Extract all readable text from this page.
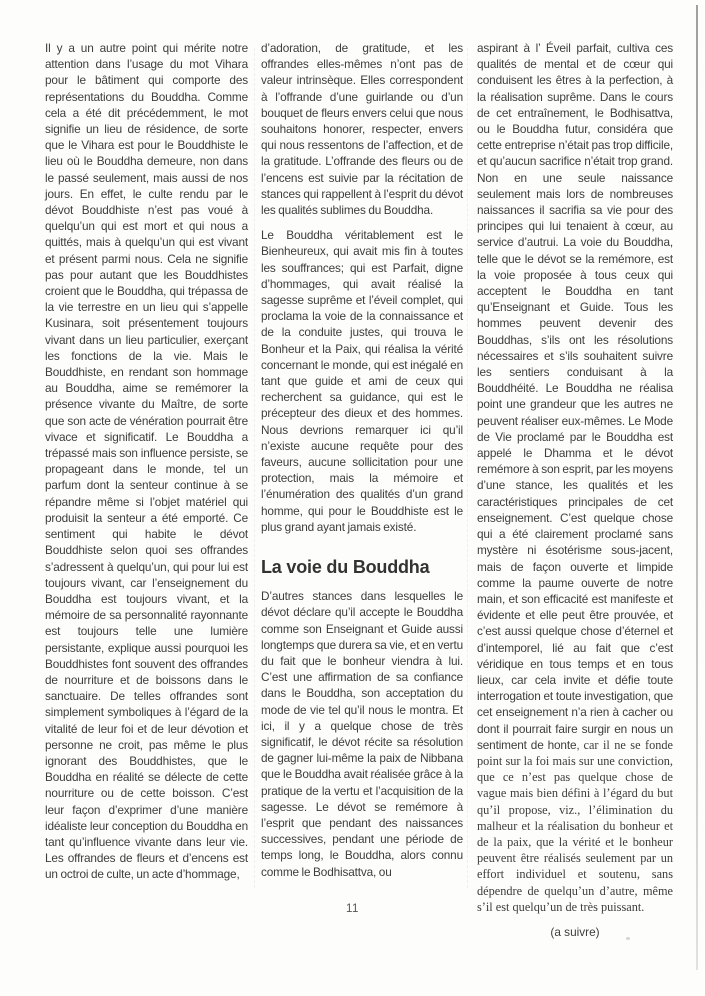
Il y a un autre point qui mérite notre attention dans l’usage du mot Vihara pour le bâtiment qui comporte des représentations du Bouddha. Comme cela a été dit précédemment, le mot signifie un lieu de résidence, de sorte que le Vihara est pour le Bouddhiste le lieu où le Bouddha demeure, non dans le passé seulement, mais aussi de nos jours. En effet, le culte rendu par le dévot Bouddhiste n’est pas voué à quelqu’un qui est mort et qui nous a quittés, mais à quelqu’un qui est vivant et présent parmi nous. Cela ne signifie pas pour autant que les Bouddhistes croient que le Bouddha, qui trépassa de la vie terrestre en un lieu qui s’appelle Kusinara, soit présentement toujours vivant dans un lieu particulier, exerçant les fonctions de la vie. Mais le Bouddhiste, en rendant son hommage au Bouddha, aime se remémorer la présence vivante du Maître, de sorte que son acte de vénération pourrait être vivace et significatif. Le Bouddha a trépassé mais son influence persiste, se propageant dans le monde, tel un parfum dont la senteur continue à se répandre même si l’objet matériel qui produisit la senteur a été emporté. Ce sentiment qui habite le dévot Bouddhiste selon quoi ses offrandes s’adressent à quelqu’un, qui pour lui est toujours vivant, car l’enseignement du Bouddha est toujours vivant, et la mémoire de sa personnalité rayonnante est toujours telle une lumière persistante, explique aussi pourquoi les Bouddhistes font souvent des offrandes de nourriture et de boissons dans le sanctuaire. De telles offrandes sont simplement symboliques à l’égard de la vitalité de leur foi et de leur dévotion et personne ne croit, pas même le plus ignorant des Bouddhistes, que le Bouddha en réalité se délecte de cette nourriture ou de cette boisson. C’est leur façon d’exprimer d’une manière idéaliste leur conception du Bouddha en tant qu’influence vivante dans leur vie. Les offrandes de fleurs et d’encens est un octroi de culte, un acte d’hommage,

d’adoration, de gratitude, et les offrandes elles-mêmes n’ont pas de valeur intrinsèque. Elles correspondent à l’offrande d’une guirlande ou d’un bouquet de fleurs envers celui que nous souhaitons honorer, respecter, envers qui nous ressentons de l’affection, et de la gratitude. L’offrande des fleurs ou de l’encens est suivie par la récitation de stances qui rappellent à l’esprit du dévot les qualités sublimes du Bouddha.

Le Bouddha véritablement est le Bienheureux, qui avait mis fin à toutes les souffrances; qui est Parfait, digne d’hommages, qui avait réalisé la sagesse suprême et l’éveil complet, qui proclama la voie de la connaissance et de la conduite justes, qui trouva le Bonheur et la Paix, qui réalisa la vérité concernant le monde, qui est inégalé en tant que guide et ami de ceux qui recherchent sa guidance, qui est le précepteur des dieux et des hommes. Nous devrions remarquer ici qu’il n’existe aucune requête pour des faveurs, aucune sollicitation pour une protection, mais la mémoire et l’énumération des qualités d’un grand homme, qui pour le Bouddhiste est le plus grand ayant jamais existé.

La voie du Bouddha

D’autres stances dans lesquelles le dévot déclare qu’il accepte le Bouddha comme son Enseignant et Guide aussi longtemps que durera sa vie, et en vertu du fait que le bonheur viendra à lui. C’est une affirmation de sa confiance dans le Bouddha, son acceptation du mode de vie tel qu’il nous le montra. Et ici, il y a quelque chose de très significatif, le dévot récite sa résolution de gagner lui-même la paix de Nibbana que le Bouddha avait réalisée grâce à la pratique de la vertu et l’acquisition de la sagesse. Le dévot se remémore à l’esprit que pendant des naissances successives, pendant une période de temps long, le Bouddha, alors connu comme le Bodhisattva, ou

aspirant à l’ Éveil parfait, cultiva ces qualités de mental et de cœur qui conduisent les êtres à la perfection, à la réalisation suprême. Dans le cours de cet entraînement, le Bodhisattva, ou le Bouddha futur, considéra que cette entreprise n’était pas trop difficile, et qu’aucun sacrifice n’était trop grand. Non en une seule naissance seulement mais lors de nombreuses naissances il sacrifia sa vie pour des principes qui lui tenaient à cœur, au service d’autrui. La voie du Bouddha, telle que le dévot se la remémore, est la voie proposée à tous ceux qui acceptent le Bouddha en tant qu’Enseignant et Guide. Tous les hommes peuvent devenir des Bouddhas, s’ils ont les résolutions nécessaires et s’ils souhaitent suivre les sentiers conduisant à la Bouddhéité. Le Bouddha ne réalisa point une grandeur que les autres ne peuvent réaliser eux-mêmes. Le Mode de Vie proclamé par le Bouddha est appelé le Dhamma et le dévot remémore à son esprit, par les moyens d’une stance, les qualités et les caractéristiques principales de cet enseignement. C’est quelque chose qui a été clairement proclamé sans mystère ni ésotérisme sous-jacent, mais de façon ouverte et limpide comme la paume ouverte de notre main, et son efficacité est manifeste et évidente et elle peut être prouvée, et c’est aussi quelque chose d’éternel et d’intemporel, lié au fait que c’est véridique en tous temps et en tous lieux, car cela invite et défie toute interrogation et toute investigation, que cet enseignement n’a rien à cacher ou dont il pourrait faire surgir en nous un sentiment de honte, car il ne se fonde point sur la foi mais sur une conviction, que ce n’est pas quelque chose de vague mais bien défini à l’égard du but qu’il propose, viz., l’élimination du malheur et la réalisation du bonheur et de la paix, que la vérité et le bonheur peuvent être réalisés seulement par un effort individuel et soutenu, sans dépendre de quelqu’un d’autre, même s’il est quelqu’un de très puissant.

(a suivre)

11
